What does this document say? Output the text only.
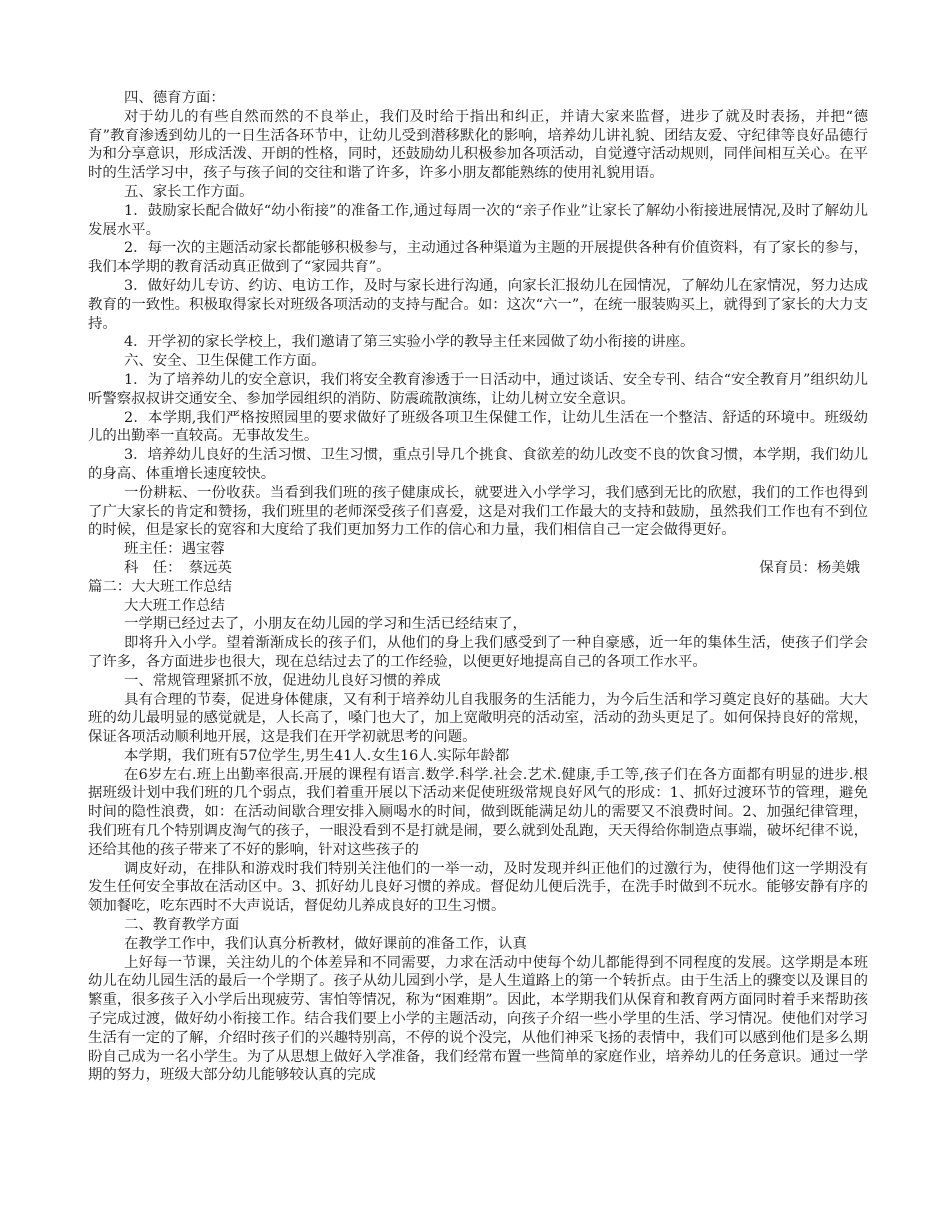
四、德育方面：

对于幼儿的有些自然而然的不良举止，我们及时给于指出和纠正，并请大家来监督，进步了就及时表扬，并把“德育”教育渗透到幼儿的一日生活各环节中，让幼儿受到潜移默化的影响，培养幼儿讲礼貌、团结友爱、守纪律等良好品德行为和分享意识，形成活泼、开朗的性格，同时，还鼓励幼儿积极参加各项活动，自觉遵守活动规则，同伴间相互关心。在平时的生活学习中，孩子与孩子间的交往和谐了许多，许多小朋友都能熟练的使用礼貌用语。

五、家长工作方面。

1．鼓励家长配合做好“幼小衔接”的准备工作,通过每周一次的“亲子作业”让家长了解幼小衔接进展情况,及时了解幼儿发展水平。

2．每一次的主题活动家长都能够积极参与，主动通过各种渠道为主题的开展提供各种有价值资料，有了家长的参与，我们本学期的教育活动真正做到了“家园共育”。

3．做好幼儿专访、约访、电访工作，及时与家长进行沟通，向家长汇报幼儿在园情况，了解幼儿在家情况，努力达成教育的一致性。积极取得家长对班级各项活动的支持与配合。如：这次“六一”，在统一服装购买上，就得到了家长的大力支持。

4．开学初的家长学校上，我们邀请了第三实验小学的教导主任来园做了幼小衔接的讲座。

六、安全、卫生保健工作方面。

1．为了培养幼儿的安全意识，我们将安全教育渗透于一日活动中，通过谈话、安全专刊、结合“安全教育月”组织幼儿听警察叔叔讲交通安全、参加学园组织的消防、防震疏散演练，让幼儿树立安全意识。

2．本学期,我们严格按照园里的要求做好了班级各项卫生保健工作，让幼儿生活在一个整洁、舒适的环境中。班级幼儿的出勤率一直较高。无事故发生。

3．培养幼儿良好的生活习惯、卫生习惯，重点引导几个挑食、食欲差的幼儿改变不良的饮食习惯，本学期，我们幼儿的身高、体重增长速度较快。

一份耕耘、一份收获。当看到我们班的孩子健康成长，就要进入小学学习，我们感到无比的欣慰，我们的工作也得到了广大家长的肯定和赞扬，我们班里的老师深受孩子们喜爱，这是对我们工作最大的支持和鼓励，虽然我们工作也有不到位的时候，但是家长的宽容和大度给了我们更加努力工作的信心和力量，我们相信自己一定会做得更好。

班主任：遇宝蓉

科　任：　蔡远英	保育员：杨美娥

篇二：大大班工作总结

大大班工作总结

一学期已经过去了，小朋友在幼儿园的学习和生活已经结束了，

即将升入小学。望着渐渐成长的孩子们，从他们的身上我们感受到了一种自豪感，近一年的集体生活，使孩子们学会了许多，各方面进步也很大，现在总结过去了的工作经验，以便更好地提高自己的各项工作水平。

一、常规管理紧抓不放，促进幼儿良好习惯的养成

具有合理的节奏，促进身体健康，又有利于培养幼儿自我服务的生活能力，为今后生活和学习奠定良好的基础。大大班的幼儿最明显的感觉就是，人长高了，嗓门也大了，加上宽敞明亮的活动室，活动的劲头更足了。如何保持良好的常规，保证各项活动顺利地开展，这是我们在开学初就思考的问题。

本学期，我们班有57位学生,男生41人.女生16人.实际年龄都

在6岁左右.班上出勤率很高.开展的课程有语言.数学.科学.社会.艺术.健康,手工等,孩子们在各方面都有明显的进步.根据班级计划中我们班的几个弱点，我们着重开展以下活动来促使班级常规良好风气的形成：1、抓好过渡环节的管理，避免时间的隐性浪费，如：在活动间歇合理安排入厕喝水的时间，做到既能满足幼儿的需要又不浪费时间。2、加强纪律管理，我们班有几个特别调皮淘气的孩子，一眼没看到不是打就是闹，要么就到处乱跑，天天得给你制造点事端，破坏纪律不说，还给其他的孩子带来了不好的影响，针对这些孩子的

调皮好动，在排队和游戏时我们特别关注他们的一举一动，及时发现并纠正他们的过激行为，使得他们这一学期没有发生任何安全事故在活动区中。3、抓好幼儿良好习惯的养成。督促幼儿便后洗手，在洗手时做到不玩水。能够安静有序的领加餐吃，吃东西时不大声说话，督促幼儿养成良好的卫生习惯。

二、教育教学方面

在教学工作中，我们认真分析教材，做好课前的准备工作，认真

上好每一节课，关注幼儿的个体差异和不同需要，力求在活动中使每个幼儿都能得到不同程度的发展。这学期是本班幼儿在幼儿园生活的最后一个学期了。孩子从幼儿园到小学，是人生道路上的第一个转折点。由于生活上的骤变以及课目的繁重，很多孩子入小学后出现疲劳、害怕等情况，称为“困难期”。因此，本学期我们从保育和教育两方面同时着手来帮助孩子完成过渡，做好幼小衔接工作。结合我们要上小学的主题活动，向孩子介绍一些小学里的生活、学习情况。使他们对学习生活有一定的了解，介绍时孩子们的兴趣特别高，不停的说个没完，从他们神采飞扬的表情中，我们可以感到他们是多么期盼自己成为一名小学生。为了从思想上做好入学准备，我们经常布置一些简单的家庭作业，培养幼儿的任务意识。通过一学期的努力，班级大部分幼儿能够较认真的完成
